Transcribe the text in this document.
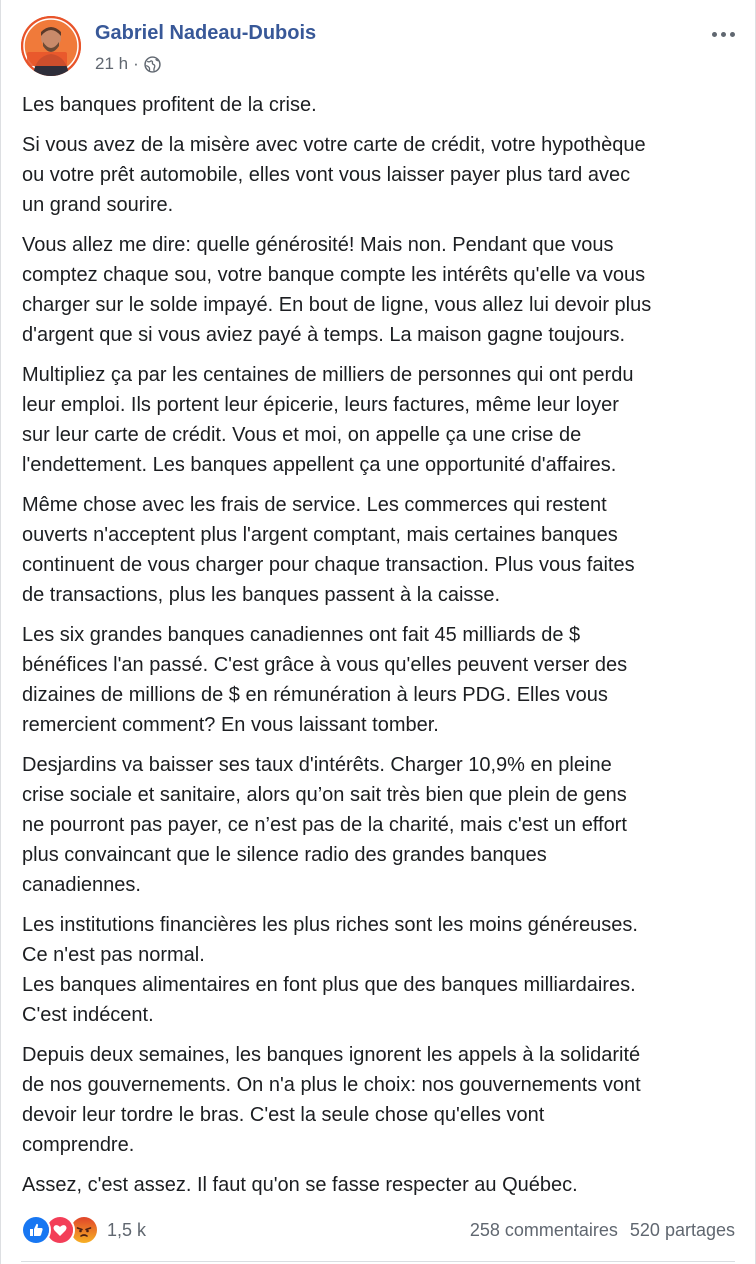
Gabriel Nadeau-Dubois
21 h ·

Les banques profitent de la crise.

Si vous avez de la misère avec votre carte de crédit, votre hypothèque
ou votre prêt automobile, elles vont vous laisser payer plus tard avec
un grand sourire.

Vous allez me dire: quelle générosité! Mais non. Pendant que vous
comptez chaque sou, votre banque compte les intérêts qu'elle va vous
charger sur le solde impayé. En bout de ligne, vous allez lui devoir plus
d'argent que si vous aviez payé à temps. La maison gagne toujours.

Multipliez ça par les centaines de milliers de personnes qui ont perdu
leur emploi. Ils portent leur épicerie, leurs factures, même leur loyer
sur leur carte de crédit. Vous et moi, on appelle ça une crise de
l'endettement. Les banques appellent ça une opportunité d'affaires.

Même chose avec les frais de service. Les commerces qui restent
ouverts n'acceptent plus l'argent comptant, mais certaines banques
continuent de vous charger pour chaque transaction. Plus vous faites
de transactions, plus les banques passent à la caisse.

Les six grandes banques canadiennes ont fait 45 milliards de $
bénéfices l'an passé. C'est grâce à vous qu'elles peuvent verser des
dizaines de millions de $ en rémunération à leurs PDG. Elles vous
remercient comment? En vous laissant tomber.

Desjardins va baisser ses taux d'intérêts. Charger 10,9% en pleine
crise sociale et sanitaire, alors qu’on sait très bien que plein de gens
ne pourront pas payer, ce n’est pas de la charité, mais c'est un effort
plus convaincant que le silence radio des grandes banques
canadiennes.

Les institutions financières les plus riches sont les moins généreuses.
Ce n'est pas normal.
Les banques alimentaires en font plus que des banques milliardaires.
C'est indécent.

Depuis deux semaines, les banques ignorent les appels à la solidarité
de nos gouvernements. On n'a plus le choix: nos gouvernements vont
devoir leur tordre le bras. C'est la seule chose qu'elles vont
comprendre.

Assez, c'est assez. Il faut qu'on se fasse respecter au Québec.

1,5 k	258 commentaires 520 partages
